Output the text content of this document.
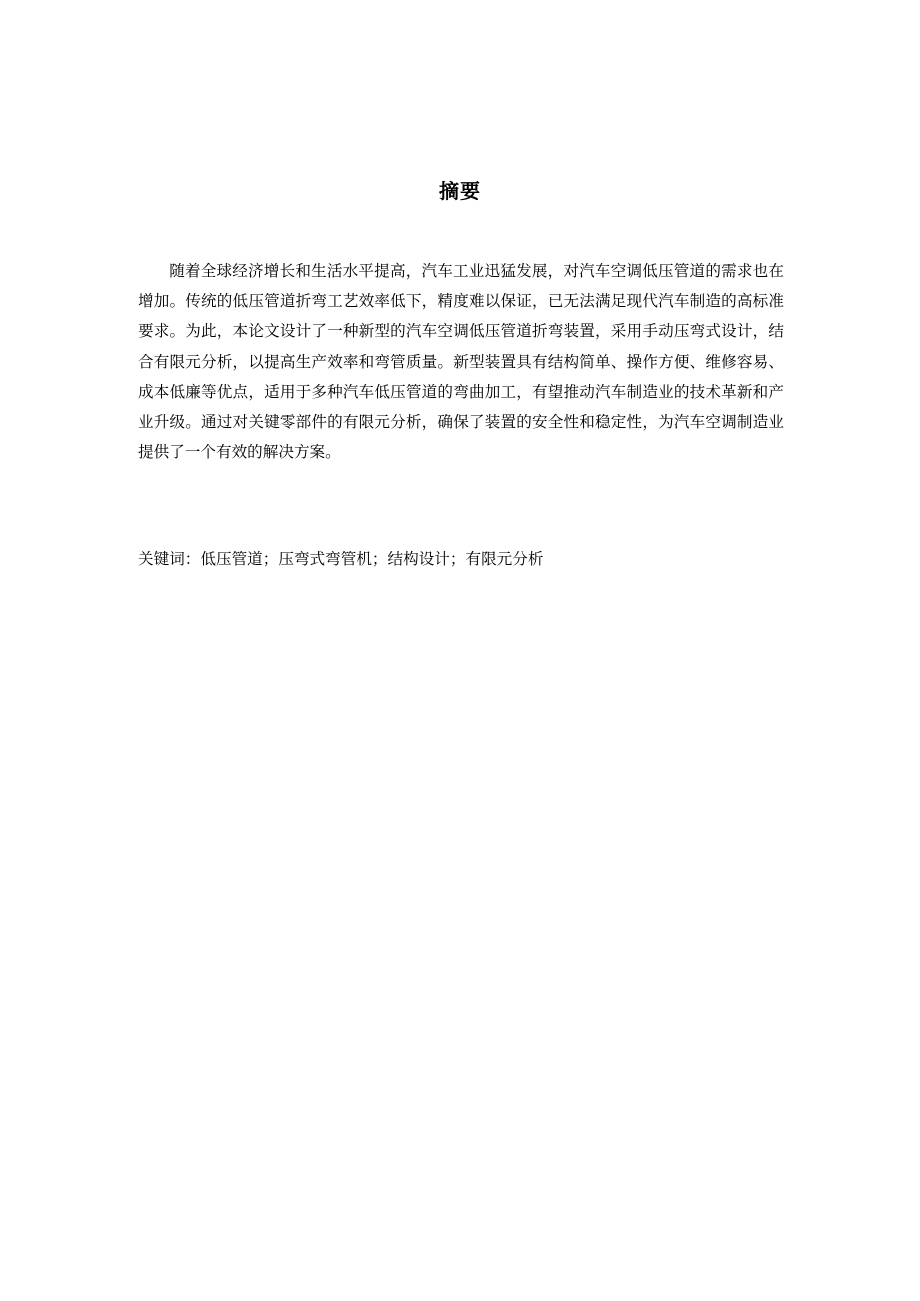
摘要

随着全球经济增长和生活水平提高，汽车工业迅猛发展，对汽车空调低压管道的需求也在增加。传统的低压管道折弯工艺效率低下，精度难以保证，已无法满足现代汽车制造的高标准要求。为此，本论文设计了一种新型的汽车空调低压管道折弯装置，采用手动压弯式设计，结合有限元分析，以提高生产效率和弯管质量。新型装置具有结构简单、操作方便、维修容易、成本低廉等优点，适用于多种汽车低压管道的弯曲加工，有望推动汽车制造业的技术革新和产业升级。通过对关键零部件的有限元分析，确保了装置的安全性和稳定性，为汽车空调制造业提供了一个有效的解决方案。

关键词：低压管道；压弯式弯管机；结构设计；有限元分析
